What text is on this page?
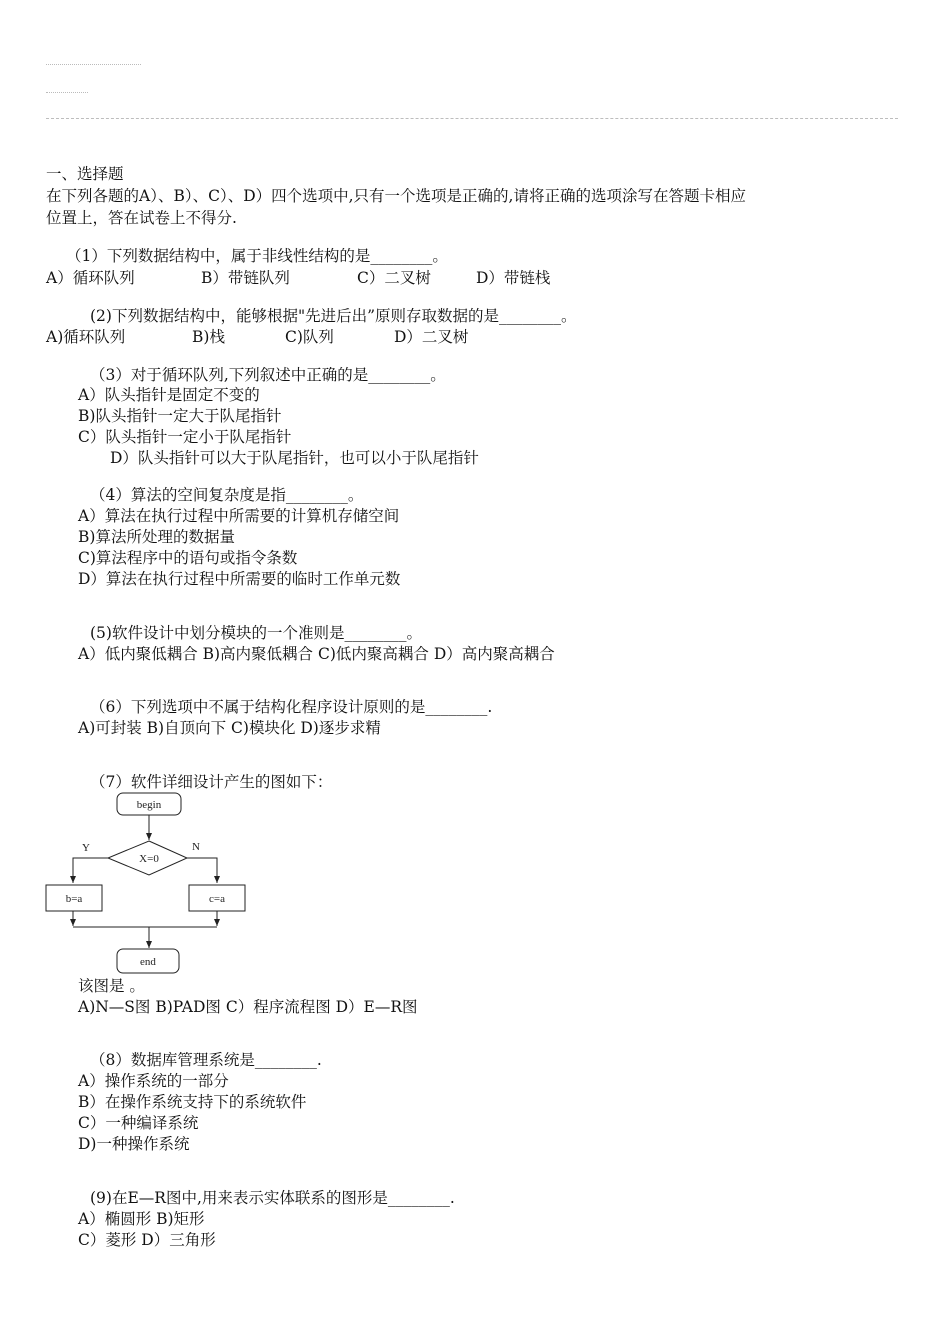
一、选择题
在下列各题的A）、B）、C）、D）四个选项中,只有一个选项是正确的,请将正确的选项涂写在答题卡相应
位置上，答在试卷上不得分.
（1）下列数据结构中，属于非线性结构的是________。
A）循环队列	B）带链队列	C）二叉树	D）带链栈
(2)下列数据结构中，能够根据"先进后出”原则存取数据的是________。
A)循环队列	B)栈	C)队列	D）二叉树
（3）对于循环队列,下列叙述中正确的是________。
A）队头指针是固定不变的
B)队头指针一定大于队尾指针
C）队头指针一定小于队尾指针
D）队头指针可以大于队尾指针，也可以小于队尾指针
（4）算法的空间复杂度是指________。
A）算法在执行过程中所需要的计算机存储空间
B)算法所处理的数据量
C)算法程序中的语句或指令条数
D）算法在执行过程中所需要的临时工作单元数
(5)软件设计中划分模块的一个准则是________。
A）低内聚低耦合 B)高内聚低耦合 C)低内聚高耦合 D）高内聚高耦合
（6）下列选项中不属于结构化程序设计原则的是________.
A)可封装 B)自顶向下 C)模块化 D)逐步求精
（7）软件详细设计产生的图如下：
begin
X=0
Y	N
b=a	c=a
end
该图是 。
A)N—S图 B)PAD图 C）程序流程图 D）E—R图
（8）数据库管理系统是________.
A）操作系统的一部分
B）在操作系统支持下的系统软件
C）一种编译系统
D)一种操作系统
(9)在E—R图中,用来表示实体联系的图形是________.
A）椭圆形 B)矩形
C）菱形 D）三角形
